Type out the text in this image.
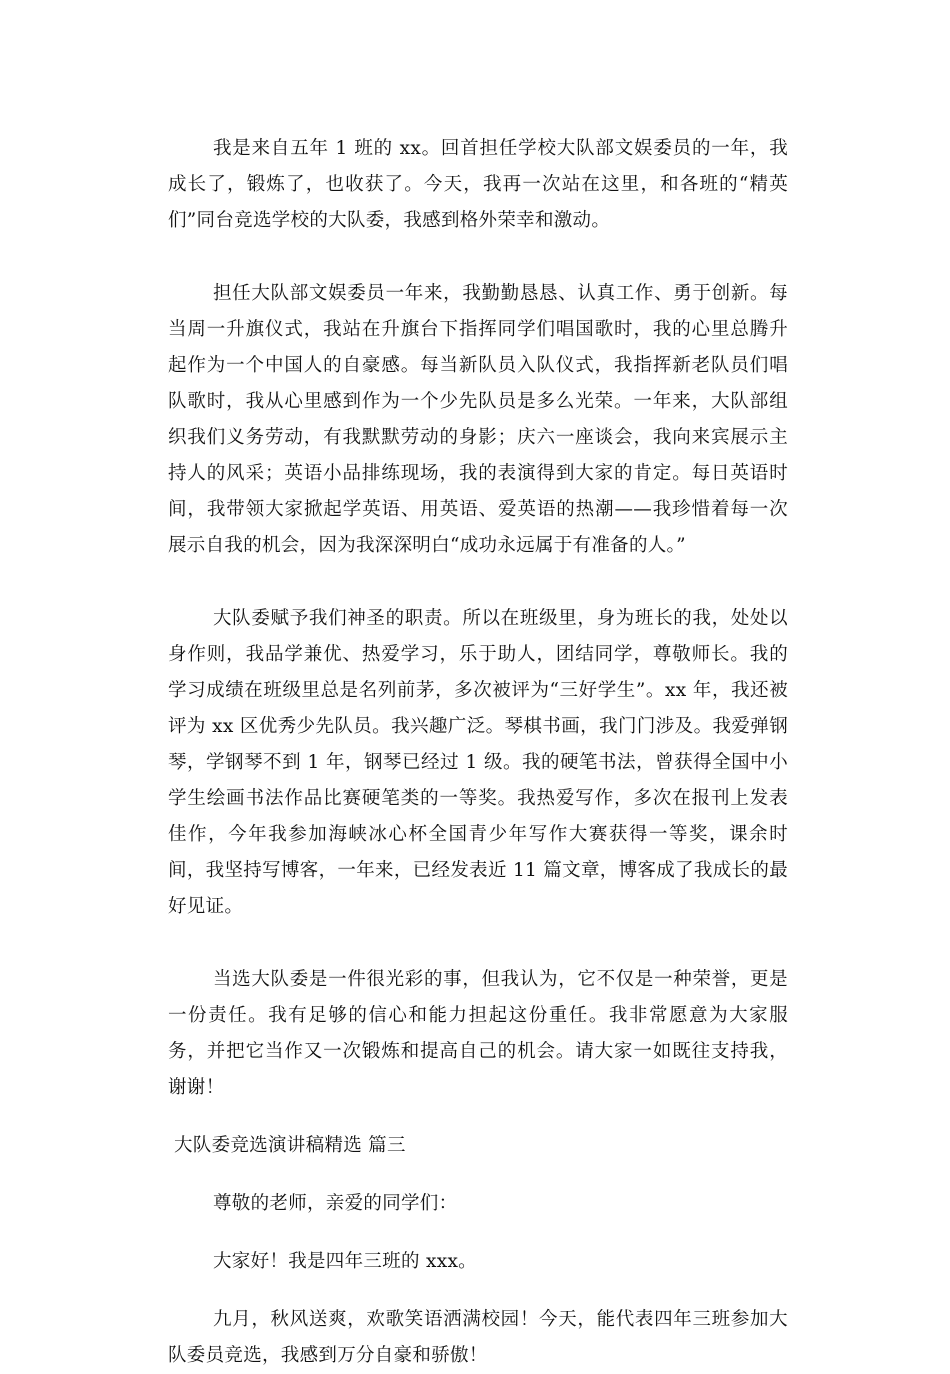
我是来自五年 1 班的 xx。回首担任学校大队部文娱委员的一年，我成长了，锻炼了，也收获了。今天，我再一次站在这里，和各班的“精英们”同台竞选学校的大队委，我感到格外荣幸和激动。

担任大队部文娱委员一年来，我勤勤恳恳、认真工作、勇于创新。每当周一升旗仪式，我站在升旗台下指挥同学们唱国歌时，我的心里总腾升起作为一个中国人的自豪感。每当新队员入队仪式，我指挥新老队员们唱队歌时，我从心里感到作为一个少先队员是多么光荣。一年来，大队部组织我们义务劳动，有我默默劳动的身影；庆六一座谈会，我向来宾展示主持人的风采；英语小品排练现场，我的表演得到大家的肯定。每日英语时间，我带领大家掀起学英语、用英语、爱英语的热潮——我珍惜着每一次展示自我的机会，因为我深深明白“成功永远属于有准备的人。”

大队委赋予我们神圣的职责。所以在班级里，身为班长的我，处处以身作则，我品学兼优、热爱学习，乐于助人，团结同学，尊敬师长。我的学习成绩在班级里总是名列前茅，多次被评为“三好学生”。xx 年，我还被评为 xx 区优秀少先队员。我兴趣广泛。琴棋书画，我门门涉及。我爱弹钢琴，学钢琴不到 1 年，钢琴已经过 1 级。我的硬笔书法，曾获得全国中小学生绘画书法作品比赛硬笔类的一等奖。我热爱写作，多次在报刊上发表佳作，今年我参加海峡冰心杯全国青少年写作大赛获得一等奖，课余时间，我坚持写博客，一年来，已经发表近 11 篇文章，博客成了我成长的最好见证。

当选大队委是一件很光彩的事，但我认为，它不仅是一种荣誉，更是一份责任。我有足够的信心和能力担起这份重任。我非常愿意为大家服务，并把它当作又一次锻炼和提高自己的机会。请大家一如既往支持我，谢谢！

大队委竞选演讲稿精选 篇三

尊敬的老师，亲爱的同学们：

大家好！我是四年三班的 xxx。

九月，秋风送爽，欢歌笑语洒满校园！今天，能代表四年三班参加大队委员竞选，我感到万分自豪和骄傲！
